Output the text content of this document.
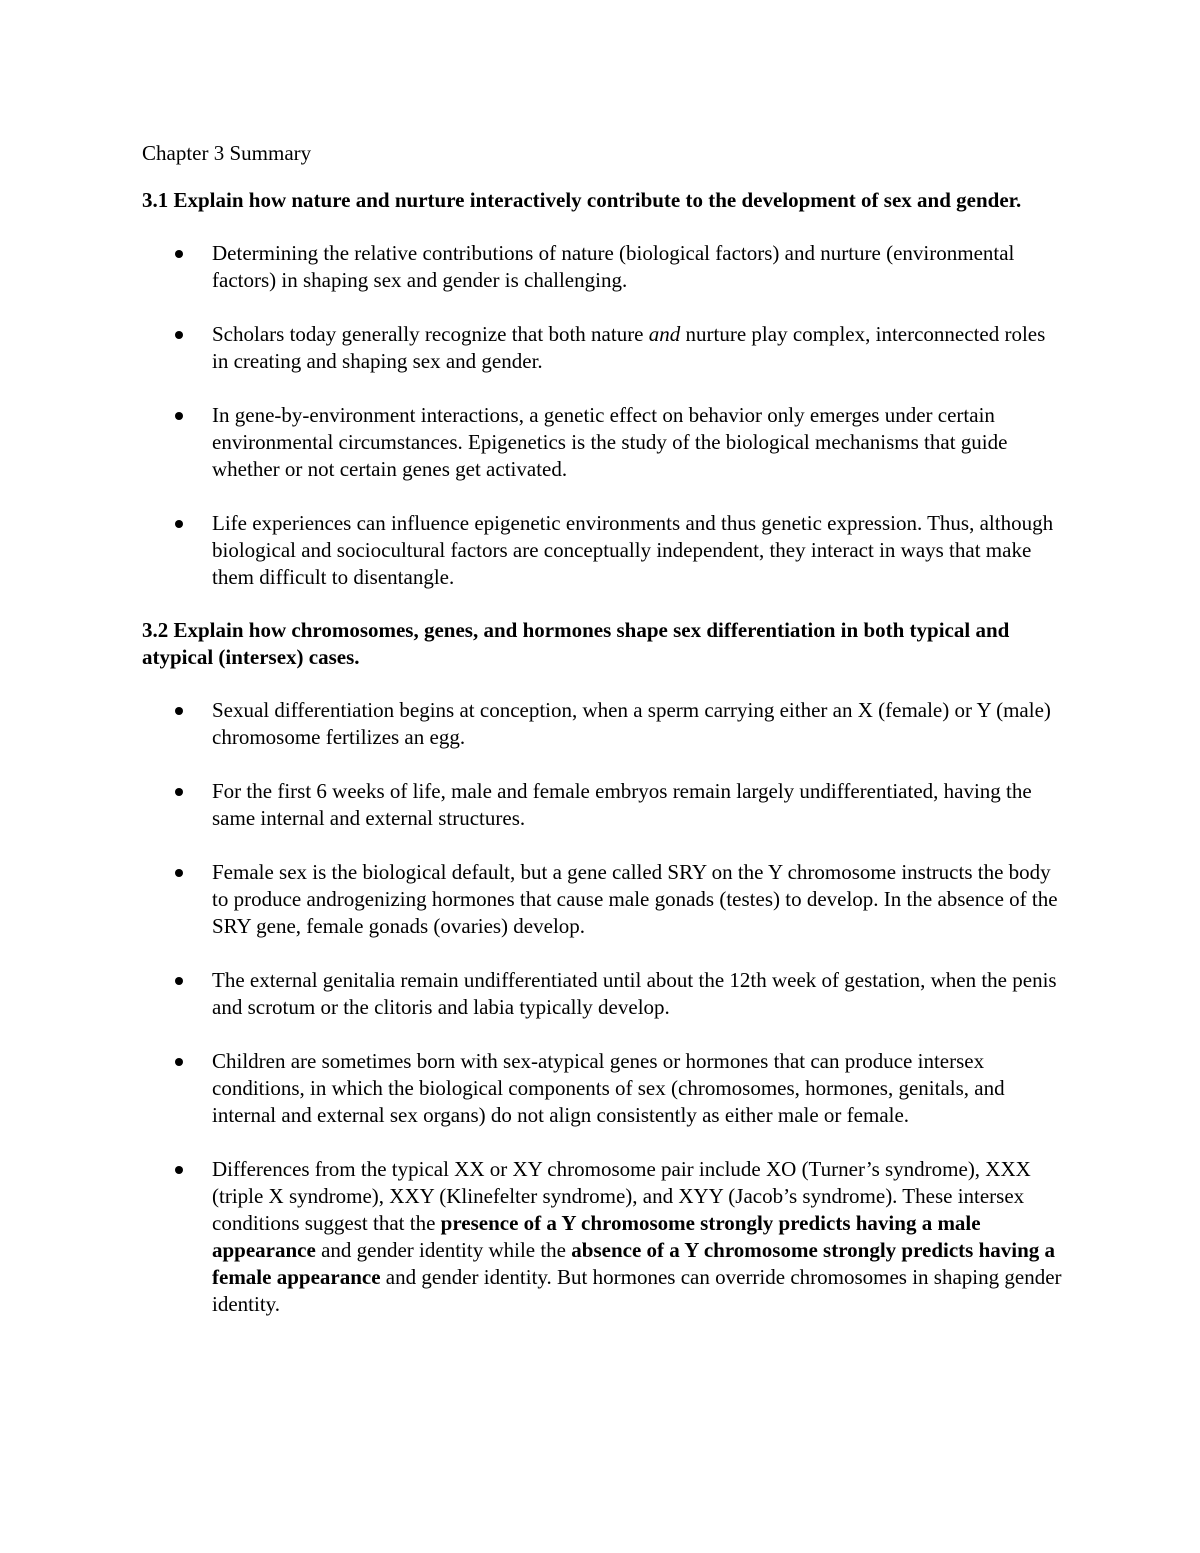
Chapter 3 Summary

3.1 Explain how nature and nurture interactively contribute to the development of sex and gender.

Determining the relative contributions of nature (biological factors) and nurture (environmental factors) in shaping sex and gender is challenging.
Scholars today generally recognize that both nature and nurture play complex, interconnected roles in creating and shaping sex and gender.
In gene-by-environment interactions, a genetic effect on behavior only emerges under certain environmental circumstances. Epigenetics is the study of the biological mechanisms that guide whether or not certain genes get activated.
Life experiences can influence epigenetic environments and thus genetic expression. Thus, although biological and sociocultural factors are conceptually independent, they interact in ways that make them difficult to disentangle.

3.2 Explain how chromosomes, genes, and hormones shape sex differentiation in both typical and atypical (intersex) cases.

Sexual differentiation begins at conception, when a sperm carrying either an X (female) or Y (male) chromosome fertilizes an egg.
For the first 6 weeks of life, male and female embryos remain largely undifferentiated, having the same internal and external structures.
Female sex is the biological default, but a gene called SRY on the Y chromosome instructs the body to produce androgenizing hormones that cause male gonads (testes) to develop. In the absence of the SRY gene, female gonads (ovaries) develop.
The external genitalia remain undifferentiated until about the 12th week of gestation, when the penis and scrotum or the clitoris and labia typically develop.
Children are sometimes born with sex-atypical genes or hormones that can produce intersex conditions, in which the biological components of sex (chromosomes, hormones, genitals, and internal and external sex organs) do not align consistently as either male or female.
Differences from the typical XX or XY chromosome pair include XO (Turner’s syndrome), XXX (triple X syndrome), XXY (Klinefelter syndrome), and XYY (Jacob’s syndrome). These intersex conditions suggest that the presence of a Y chromosome strongly predicts having a male appearance and gender identity while the absence of a Y chromosome strongly predicts having a female appearance and gender identity. But hormones can override chromosomes in shaping gender identity.
